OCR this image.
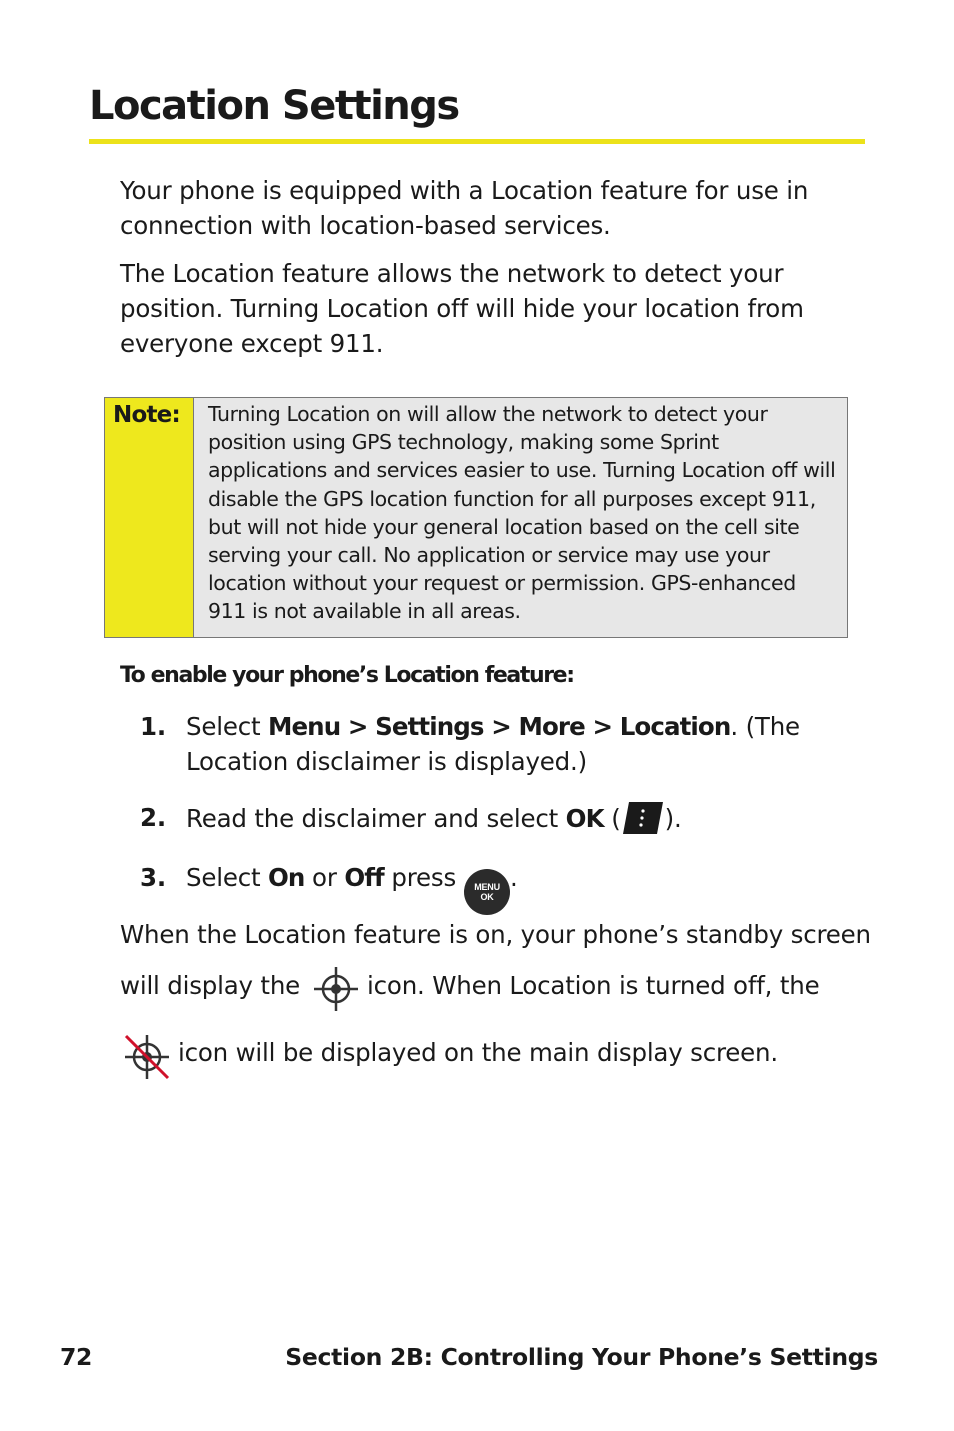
Location Settings

Your phone is equipped with a Location feature for use in connection with location-based services.

The Location feature allows the network to detect your position. Turning Location off will hide your location from everyone except 911.

Note:	Turning Location on will allow the network to detect your position using GPS technology, making some Sprint applications and services easier to use. Turning Location off will disable the GPS location function for all purposes except 911, but will not hide your general location based on the cell site serving your call. No application or service may use your location without your request or permission. GPS-enhanced 911 is not available in all areas.
To enable your phone’s Location feature:
1. Select Menu > Settings > More > Location. (The Location disclaimer is displayed.)
2. Read the disclaimer and select OK ( ).
3. Select On or Off press MENU
OK.
When the Location feature is on, your phone’s standby screen
will display the	icon. When Location is turned off, the
icon will be displayed on the main display screen.
72	Section 2B: Controlling Your Phone’s Settings
